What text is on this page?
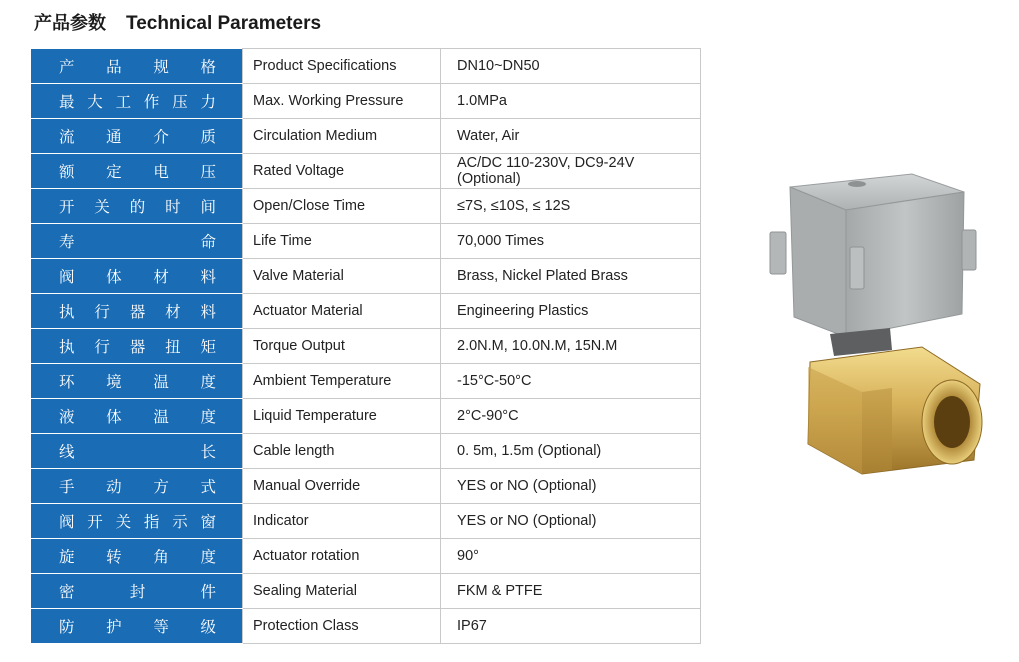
产品参数 Technical Parameters
产品规格	Product Specifications	DN10~DN50
最大工作压力	Max. Working Pressure	1.0MPa
流通介质	Circulation Medium	Water, Air
额定电压	Rated Voltage	AC/DC 110-230V, DC9-24V (Optional)
开关的时间	Open/Close Time	≤7S, ≤10S, ≤ 12S
寿命	Life Time	70,000 Times
阀体材料	Valve Material	Brass, Nickel Plated Brass
执行器材料	Actuator Material	Engineering Plastics
执行器扭矩	Torque Output	2.0N.M, 10.0N.M, 15N.M
环境温度	Ambient Temperature	-15°C-50°C
液体温度	Liquid Temperature	2°C-90°C
线长	Cable length	0. 5m, 1.5m (Optional)
手动方式	Manual Override	YES or NO (Optional)
阀开关指示窗	Indicator	YES or NO (Optional)
旋转角度	Actuator rotation	90°
密封件	Sealing Material	FKM & PTFE
防护等级	Protection Class	IP67
